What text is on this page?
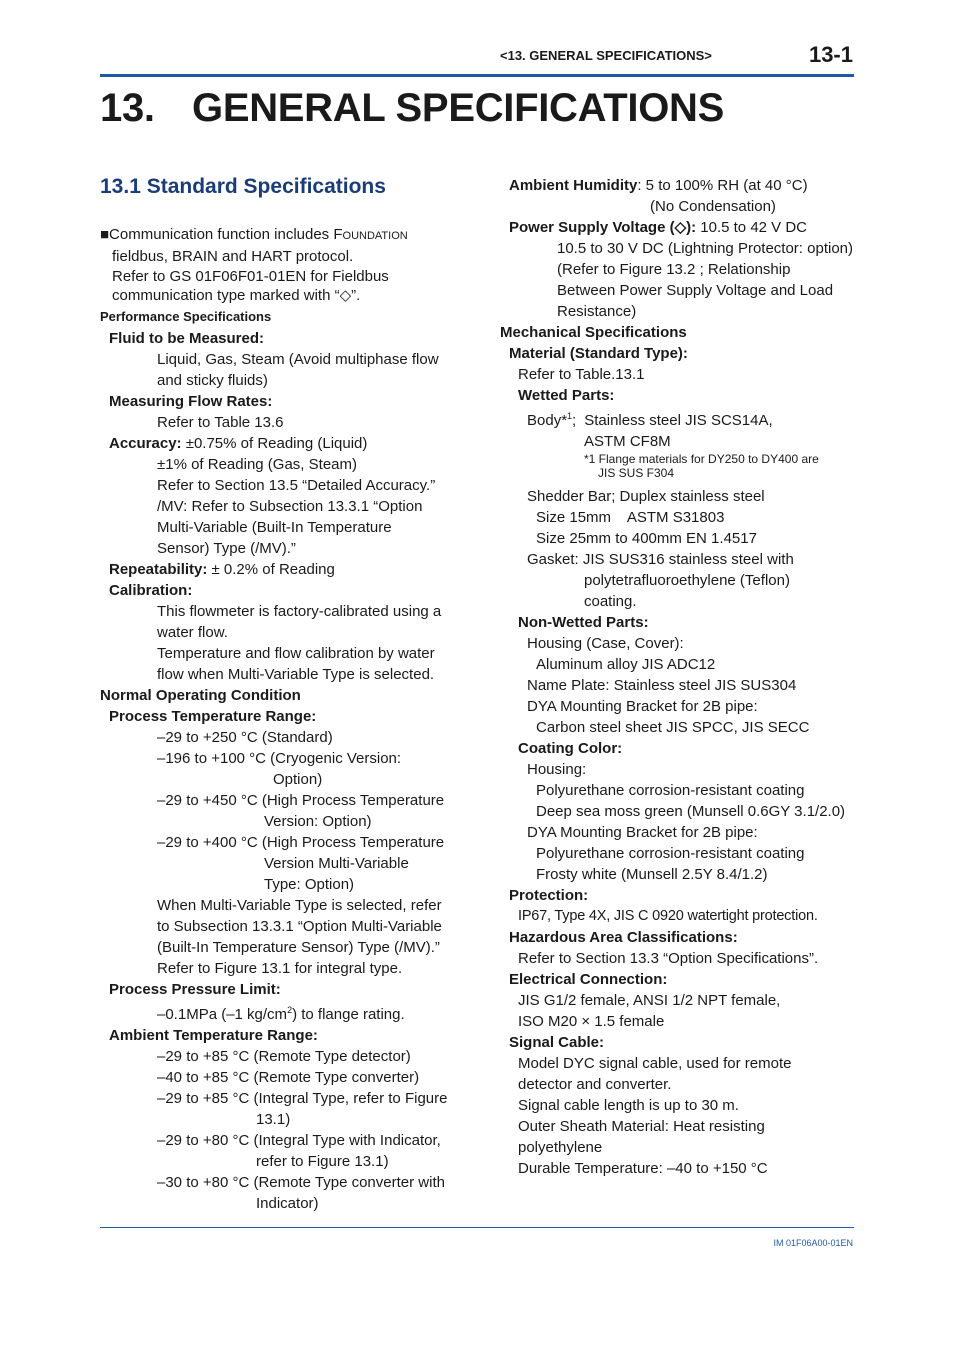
<13. GENERAL SPECIFICATIONS>	13-1
13. GENERAL SPECIFICATIONS
13.1 Standard Specifications
■Communication function includes FOUNDATION
fieldbus, BRAIN and HART protocol.
Refer to GS 01F06F01-01EN for Fieldbus
communication type marked with “◇”.
Performance Specifications
Fluid to be Measured:
Liquid, Gas, Steam (Avoid multiphase flow
and sticky fluids)
Measuring Flow Rates:
Refer to Table 13.6
Accuracy: ±0.75% of Reading (Liquid)
±1% of Reading (Gas, Steam)
Refer to Section 13.5 “Detailed Accuracy.”
/MV: Refer to Subsection 13.3.1 “Option
Multi-Variable (Built-In Temperature
Sensor) Type (/MV).”
Repeatability: ± 0.2% of Reading
Calibration:
This flowmeter is factory-calibrated using a
water flow.
Temperature and flow calibration by water
flow when Multi-Variable Type is selected.
Normal Operating Condition
Process Temperature Range:
–29 to +250 °C (Standard)
–196 to +100 °C (Cryogenic Version:
Option)
–29 to +450 °C (High Process Temperature
Version: Option)
–29 to +400 °C (High Process Temperature
Version Multi-Variable
Type: Option)
When Multi-Variable Type is selected, refer
to Subsection 13.3.1 “Option Multi-Variable
(Built-In Temperature Sensor) Type (/MV).”
Refer to Figure 13.1 for integral type.
Process Pressure Limit:
–0.1MPa (–1 $kg/cm^2$) to flange rating.
Ambient Temperature Range:
–29 to +85 °C (Remote Type detector)
–40 to +85 °C (Remote Type converter)
–29 to +85 °C (Integral Type, refer to Figure
13.1)
–29 to +80 °C (Integral Type with Indicator,
refer to Figure 13.1)
–30 to +80 °C (Remote Type converter with
Indicator)
Ambient Humidity: 5 to 100% RH (at 40 °C)
(No Condensation)
Power Supply Voltage (◇): 10.5 to 42 V DC
10.5 to 30 V DC (Lightning Protector: option)
(Refer to Figure 13.2 ; Relationship
Between Power Supply Voltage and Load
Resistance)
Mechanical Specifications
Material (Standard Type):
Refer to Table.13.1
Wetted Parts:
Body*$^1$; Stainless steel JIS SCS14A,
ASTM CF8M
*1 Flange materials for DY250 to DY400 are
JIS SUS F304
Shedder Bar; Duplex stainless steel
Size 15mm    ASTM S31803
Size 25mm to 400mm EN 1.4517
Gasket: JIS SUS316 stainless steel with
polytetrafluoroethylene (Teflon)
coating.
Non-Wetted Parts:
Housing (Case, Cover):
Aluminum alloy JIS ADC12
Name Plate: Stainless steel JIS SUS304
DYA Mounting Bracket for 2B pipe:
Carbon steel sheet JIS SPCC, JIS SECC
Coating Color:
Housing:
Polyurethane corrosion-resistant coating
Deep sea moss green (Munsell 0.6GY 3.1/2.0)
DYA Mounting Bracket for 2B pipe:
Polyurethane corrosion-resistant coating
Frosty white (Munsell 2.5Y 8.4/1.2)
Protection:
IP67, Type 4X, JIS C 0920 watertight protection.
Hazardous Area Classifications:
Refer to Section 13.3 “Option Specifications”.
Electrical Connection:
JIS G1/2 female, ANSI 1/2 NPT female,
ISO M20 × 1.5 female
Signal Cable:
Model DYC signal cable, used for remote
detector and converter.
Signal cable length is up to 30 m.
Outer Sheath Material: Heat resisting
polyethylene
Durable Temperature: –40 to +150 °C
IM 01F06A00-01EN
